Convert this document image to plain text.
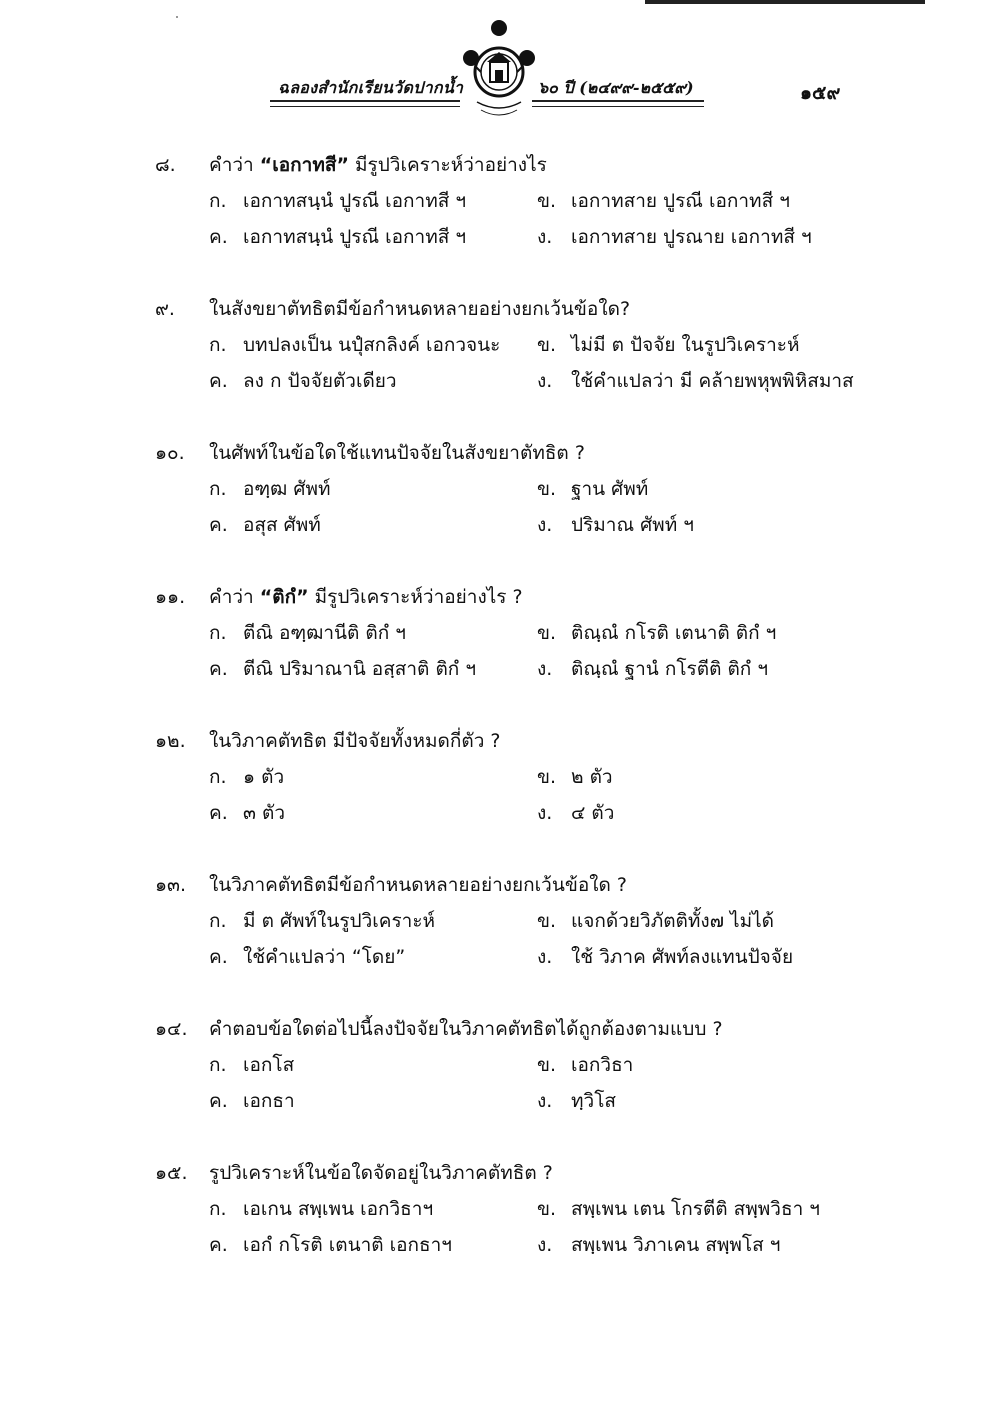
ฉลองสำนักเรียนวัดปากน้ำ	๖๐ ปี (๒๔๙๙-๒๕๕๙)	๑๕๙
๘. คำว่า “เอกาทสี” มีรูปวิเคราะห์ว่าอย่างไร
ก. เอกาทสนฺนํ ปูรณี เอกาทสี ฯ	ข. เอกาทสาย ปูรณี เอกาทสี ฯ
ค. เอกาทสนฺนํ ปูรณี เอกาทสี ฯ	ง. เอกาทสาย ปูรณาย เอกาทสี ฯ
๙. ในสังขยาตัทธิตมีข้อกำหนดหลายอย่างยกเว้นข้อใด?
ก. บทปลงเป็น นปุํสกลิงค์ เอกวจนะ ข. ไม่มี ต ปัจจัย ในรูปวิเคราะห์
ค. ลง ก ปัจจัยตัวเดียว	ง. ใช้คำแปลว่า มี คล้ายพหุพพิหิสมาส
๑๐. ในศัพท์ในข้อใดใช้แทนปัจจัยในสังขยาตัทธิต ?
ก. อฑฺฒ ศัพท์	ข. ฐาน ศัพท์
ค. อสุส ศัพท์	ง. ปริมาณ ศัพท์ ฯ
๑๑. คำว่า “ติกํ” มีรูปวิเคราะห์ว่าอย่างไร ?
ก. ตีณิ อฑฺฒานีติ ติกํ ฯ	ข. ติณฺณํ กโรติ เตนาติ ติกํ ฯ
ค. ตีณิ ปริมาณานิ อสฺสาติ ติกํ ฯ	ง. ติณฺณํ ฐานํ กโรตีติ ติกํ ฯ
๑๒. ในวิภาคตัทธิต มีปัจจัยทั้งหมดกี่ตัว ?
ก. ๑ ตัว	ข. ๒ ตัว
ค. ๓ ตัว	ง. ๔ ตัว
๑๓. ในวิภาคตัทธิตมีข้อกำหนดหลายอย่างยกเว้นข้อใด ?
ก. มี ต ศัพท์ในรูปวิเคราะห์	ข. แจกด้วยวิภัตติทั้ง๗ ไม่ได้
ค. ใช้คำแปลว่า “โดย”	ง. ใช้ วิภาค ศัพท์ลงแทนปัจจัย
๑๔. คำตอบข้อใดต่อไปนี้ลงปัจจัยในวิภาคตัทธิตได้ถูกต้องตามแบบ ?
ก. เอกโส	ข. เอกวิธา
ค. เอกธา	ง. ทฺวิโส
๑๕. รูปวิเคราะห์ในข้อใดจัดอยู่ในวิภาคตัทธิต ?
ก. เอเกน สพฺเพน เอกวิธาฯ	ข. สพฺเพน เตน โกรตีติ สพฺพวิธา ฯ
ค. เอกํ กโรติ เตนาติ เอกธาฯ	ง. สพฺเพน วิภาเคน สพฺพโส ฯ
